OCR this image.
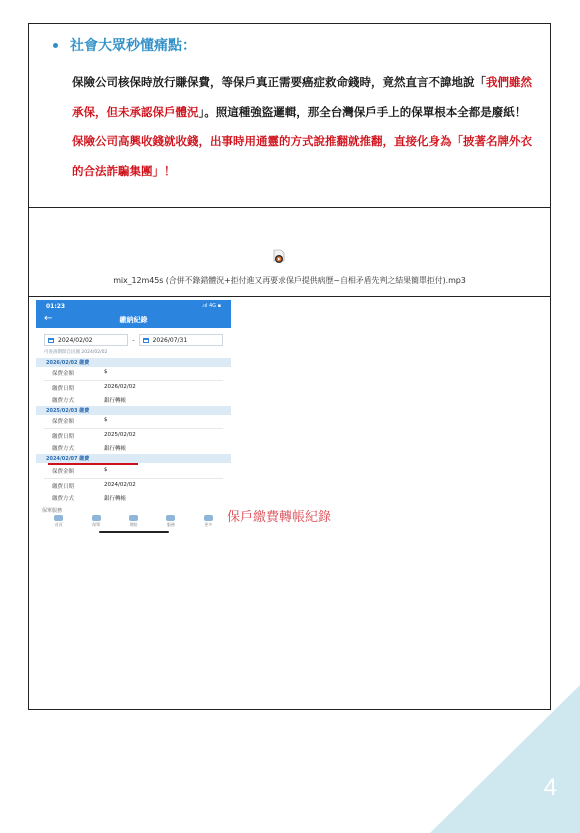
4
社會大眾秒懂痛點：
保險公司核保時放行賺保費，等保戶真正需要癌症救命錢時，竟然直言不諱地說「我們雖然承保，但未承認保戶體況」。照這種強盜邏輯，那全台灣保戶手上的保單根本全都是廢紙！ 保險公司高興收錢就收錢，出事時用通靈的方式說推翻就推翻，直接化身為「披著名牌外衣的合法詐騙集團」！
mix_12m45s (合併不錄錯體況+拒付進又再要求保戶提供病歷~自相矛盾先判之結果簡單拒付).mp3
01:23	.ııl 4G ▪
←	繳納紀錄
2024/02/02	-	2026/07/31
可查詢期間自民國 2024/02/02
2026/02/02 繳費
保費金額	$
繳費日期	2026/02/02
繳費方式	銀行轉帳
2025/02/03 繳費
保費金額	$
繳費日期	2025/02/02
繳費方式	銀行轉帳
2024/02/07 繳費
保費金額	$
繳費日期	2024/02/02
繳費方式	銀行轉帳
保單服務
首頁	保單	理賠	服務	更多 保戶繳費轉帳紀錄
